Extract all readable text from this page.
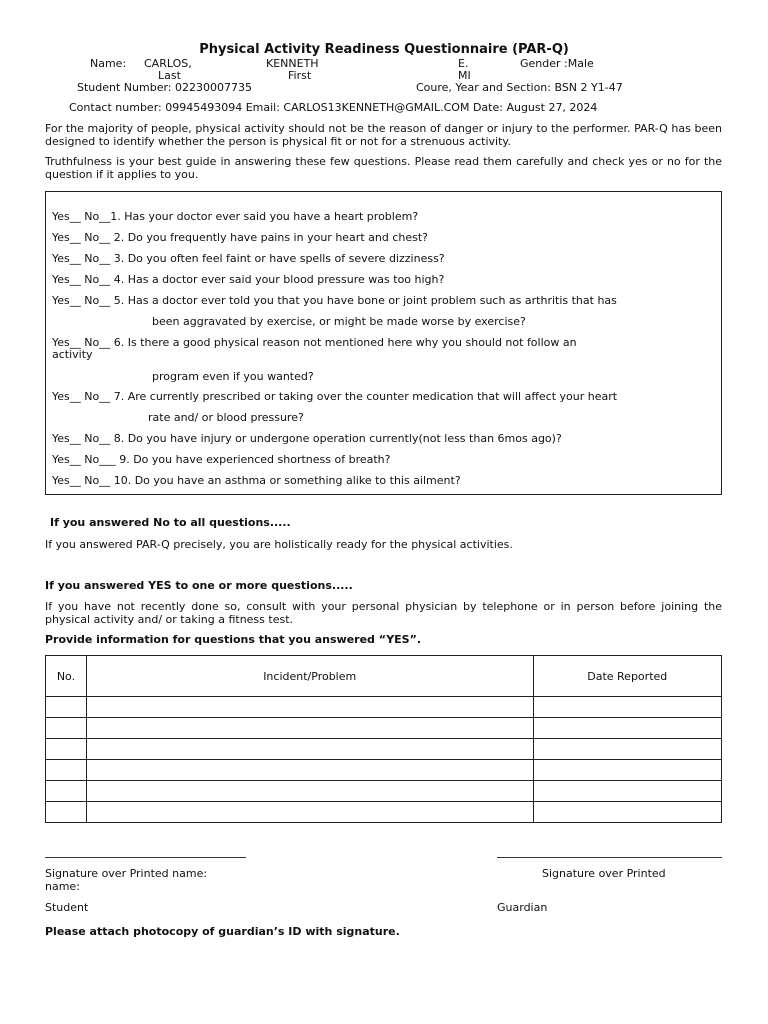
Physical Activity Readiness Questionnaire (PAR-Q)
Name: CARLOS,	KENNETH	E.	Gender :Male
Last	First	MI
Student Number: 02230007735	Coure, Year and Section: BSN 2 Y1-47
Contact number: 09945493094 Email: CARLOS13KENNETH@GMAIL.COM Date: August 27, 2024
For the majority of people, physical activity should not be the reason of danger or injury to the performer. PAR-Q has been designed to identify whether the person is physical fit or not for a strenuous activity.
Truthfulness is your best guide in answering these few questions. Please read them carefully and check yes or no for the question if it applies to you.
Yes__ No__1. Has your doctor ever said you have a heart problem?
Yes__ No__ 2. Do you frequently have pains in your heart and chest?
Yes__ No__ 3. Do you often feel faint or have spells of severe dizziness?
Yes__ No__ 4. Has a doctor ever said your blood pressure was too high?
Yes__ No__ 5. Has a doctor ever told you that you have bone or joint problem such as arthritis that has
been aggravated by exercise, or might be made worse by exercise?
Yes__ No__ 6. Is there a good physical reason not mentioned here why you should not follow an
activity
program even if you wanted?
Yes__ No__ 7. Are currently prescribed or taking over the counter medication that will affect your heart
rate and/ or blood pressure?
Yes__ No__ 8. Do you have injury or undergone operation currently(not less than 6mos ago)?
Yes__ No___ 9. Do you have experienced shortness of breath?
Yes__ No__ 10. Do you have an asthma or something alike to this ailment?
If you answered No to all questions.....
If you answered PAR-Q precisely, you are holistically ready for the physical activities.
If you answered YES to one or more questions.....
If you have not recently done so, consult with your personal physician by telephone or in person before joining the physical activity and/ or taking a fitness test.
Provide information for questions that you answered “YES”.
No.	Incident/Problem	Date Reported

Signature over Printed name:
name:
Signature over Printed
Student	Guardian
Please attach photocopy of guardian’s ID with signature.
